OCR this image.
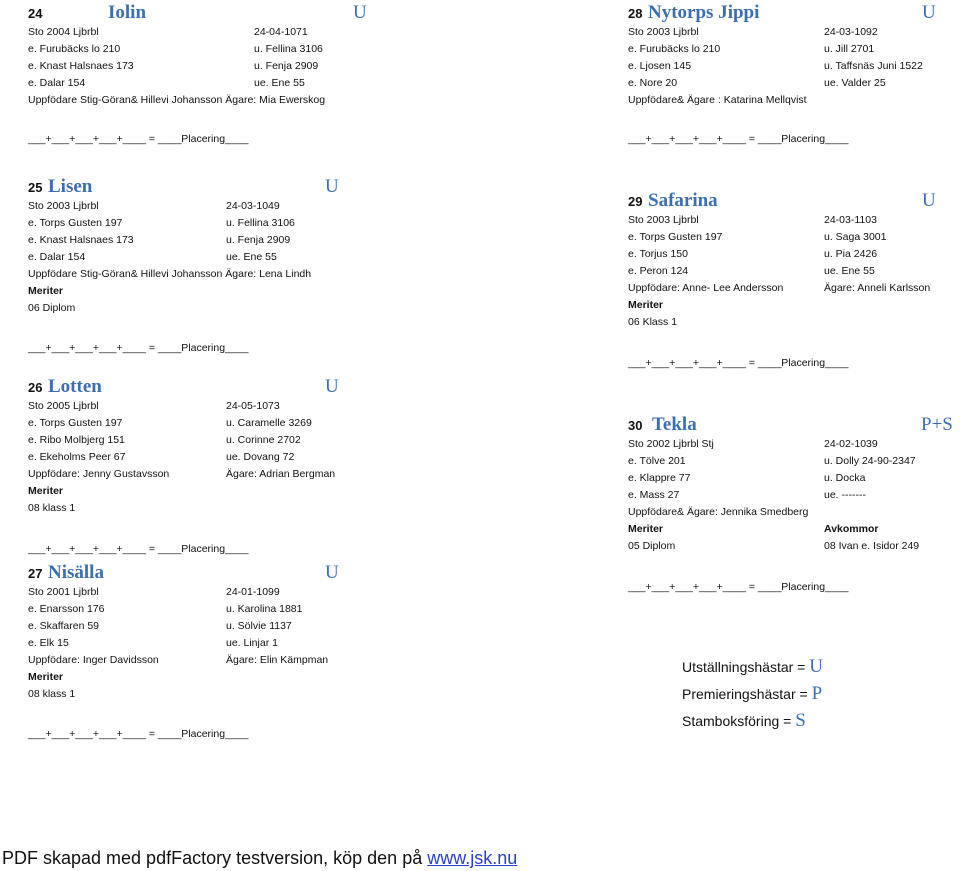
24	Iolin	U
Sto 2004 Ljbrbl	24-04-1071
e. Furubäcks lo 210	u. Fellina 3106
e. Knast Halsnaes 173	u. Fenja 2909
e. Dalar 154	ue. Ene 55
Uppfödare Stig-Göran& Hillevi Johansson Ägare: Mia Ewerskog
28 Nytorps Jippi	U
Sto 2003 Ljbrbl	24-03-1092
e. Furubäcks lo 210	u. Jill 2701
e. Ljosen 145	u. Taffsnäs Juni 1522
e. Nore 20	ue. Valder 25
Uppfödare& Ägare : Katarina Mellqvist
25 Lisen	U
Sto 2003 Ljbrbl	24-03-1049
e. Torps Gusten 197	u. Fellina 3106
e. Knast Halsnaes 173	u. Fenja 2909
e. Dalar 154	ue. Ene 55
Uppfödare Stig-Göran& Hillevi Johansson Ägare: Lena Lindh
Meriter
06 Diplom
29 Safarina	U
Sto 2003 Ljbrbl	24-03-1103
e. Torps Gusten 197	u. Saga 3001
e. Torjus 150	u. Pia 2426
e. Peron 124	ue. Ene 55
Uppfödare: Anne- Lee Andersson	Ägare: Anneli Karlsson
Meriter
06 Klass 1
26 Lotten	U
Sto 2005 Ljbrbl	24-05-1073
e. Torps Gusten 197	u. Caramelle 3269
e. Ribo Molbjerg 151	u. Corinne 2702
e. Ekeholms Peer 67	ue. Dovang 72
Uppfödare: Jenny Gustavsson	Ägare: Adrian Bergman
Meriter
08 klass 1
30 Tekla	P+S
Sto 2002 Ljbrbl Stj	24-02-1039
e. Tölve 201	u. Dolly 24-90-2347
e. Klappre 77	u. Docka
e. Mass 27	ue. -------
Uppfödare& Ägare: Jennika Smedberg
Meriter	Avkommor
05 Diplom	08 Ivan e. Isidor 249
27 Nisälla	U
Sto 2001 Ljbrbl	24-01-1099
e. Enarsson 176	u. Karolina 1881
e. Skaffaren 59	u. Sölvie 1137
e. Elk 15	ue. Linjar 1
Uppfödare: Inger Davidsson	Ägare: Elin Kämpman
Meriter
08 klass 1
___+___+___+___+____ = ____Placering____	___+___+___+___+____ = ____Placering____
___+___+___+___+____ = ____Placering____
___+___+___+___+____ = ____Placering____
___+___+___+___+____ = ____Placering____
___+___+___+___+____ = ____Placering____
___+___+___+___+____ = ____Placering____
Utställningshästar = U
Premieringshästar = P
Stamboksföring = S
PDF skapad med pdfFactory testversion, köp den på www.jsk.nu
